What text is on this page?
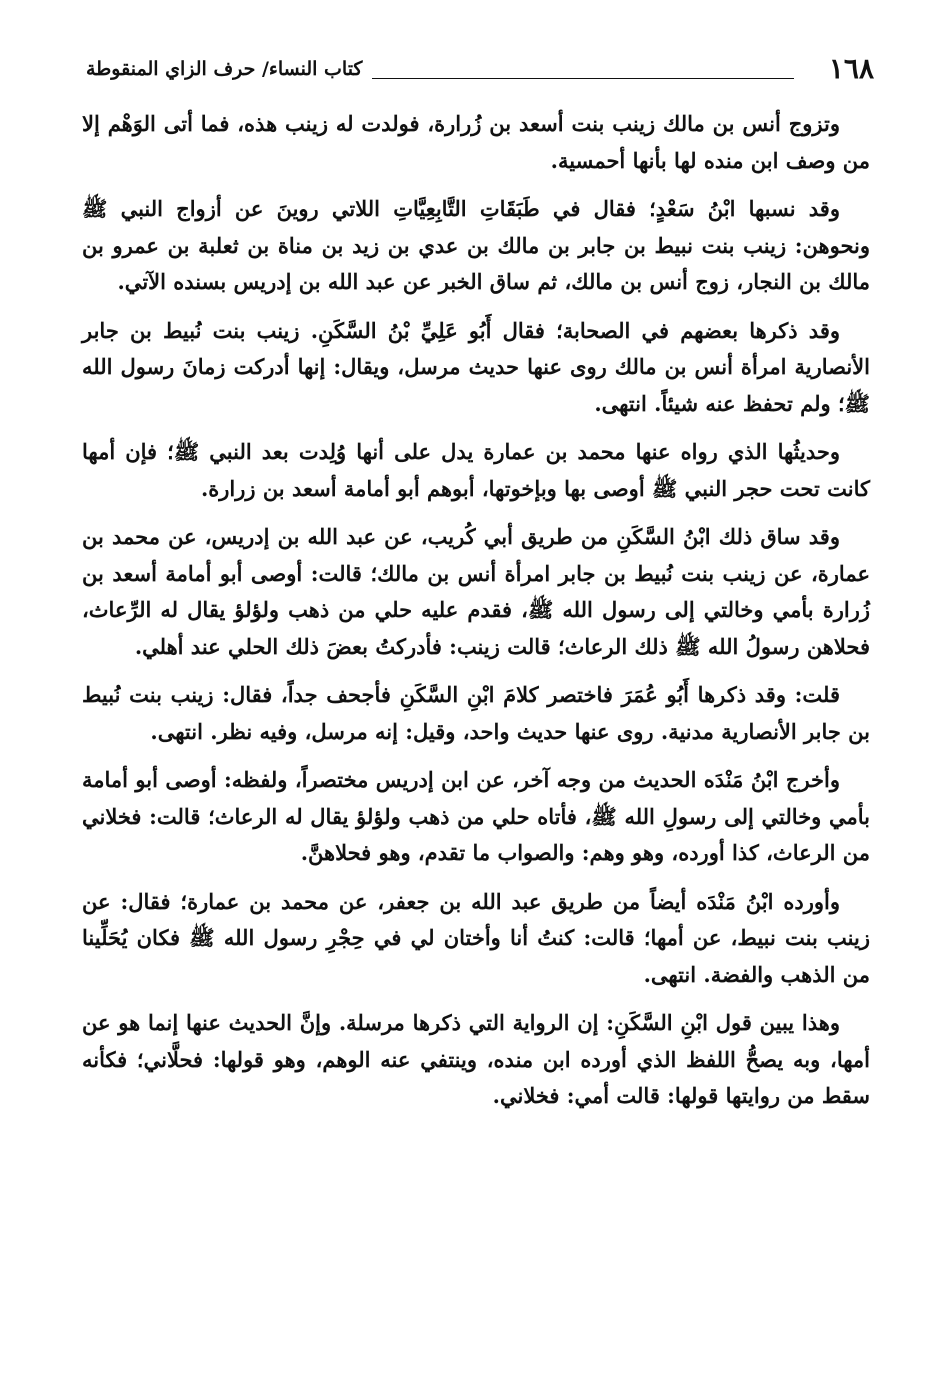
كتاب النساء/ حرف الزاي المنقوطة	١٦٨

وتزوج أنس بن مالك زينب بنت أسعد بن زُرارة، فولدت له زينب هذه، فما أتى الوَهْم إلا من وصف ابن منده لها بأنها أحمسية.

وقد نسبها ابْنُ سَعْدٍ؛ فقال في طَبَقَاتِ التَّابِعِيَّاتِ اللاتي روينَ عن أزواج النبي ﷺ ونحوهن: زينب بنت نبيط بن جابر بن مالك بن عدي بن زيد بن مناة بن ثعلبة بن عمرو بن مالك بن النجار، زوج أنس بن مالك، ثم ساق الخبر عن عبد الله بن إدريس بسنده الآتي.

وقد ذكرها بعضهم في الصحابة؛ فقال أَبُو عَلِيِّ بْنُ السَّكَنِ. زينب بنت نُبيط بن جابر الأنصارية امرأة أنس بن مالك روى عنها حديث مرسل، ويقال: إنها أدركت زمانَ رسول الله ﷺ؛ ولم تحفظ عنه شيئاً. انتهى.

وحديثُها الذي رواه عنها محمد بن عمارة يدل على أنها وُلِدت بعد النبي ﷺ؛ فإن أمها كانت تحت حجر النبي ﷺ أوصى بها وبإخوتها، أبوهم أبو أمامة أسعد بن زرارة.

وقد ساق ذلك ابْنُ السَّكَنِ من طريق أبي كُريب، عن عبد الله بن إدريس، عن محمد بن عمارة، عن زينب بنت نُبيط بن جابر امرأة أنس بن مالك؛ قالت: أوصى أبو أمامة أسعد بن زُرارة بأمي وخالتي إلى رسول الله ﷺ، فقدم عليه حلي من ذهب ولؤلؤ يقال له الرِّعاث، فحلاهن رسولُ الله ﷺ ذلك الرعاث؛ قالت زينب: فأدركتُ بعضَ ذلك الحلي عند أهلي.

قلت: وقد ذكرها أَبُو عُمَرَ فاختصر كلامَ ابْنِ السَّكَنِ فأجحف جداً، فقال: زينب بنت نُبيط بن جابر الأنصارية مدنية. روى عنها حديث واحد، وقيل: إنه مرسل، وفيه نظر. انتهى.

وأخرج ابْنُ مَنْدَه الحديث من وجه آخر، عن ابن إدريس مختصراً، ولفظه: أوصى أبو أمامة بأمي وخالتي إلى رسولِ الله ﷺ، فأتاه حلي من ذهب ولؤلؤ يقال له الرعاث؛ قالت: فخلاني من الرعاث، كذا أورده، وهو وهم: والصواب ما تقدم، وهو فحلاهنَّ.

وأورده ابْنُ مَنْدَه أيضاً من طريق عبد الله بن جعفر، عن محمد بن عمارة؛ فقال: عن زينب بنت نبيط، عن أمها؛ قالت: كنتُ أنا وأختان لي في حِجْرِ رسول الله ﷺ فكان يُحَلِّينا من الذهب والفضة. انتهى.

وهذا يبين قول ابْنِ السَّكَنِ: إن الرواية التي ذكرها مرسلة. وإنَّ الحديث عنها إنما هو عن أمها، وبه يصحُّ اللفظ الذي أورده ابن منده، وينتفي عنه الوهم، وهو قولها: فحلَّاني؛ فكأنه سقط من روايتها قولها: قالت أمي: فخلاني.
